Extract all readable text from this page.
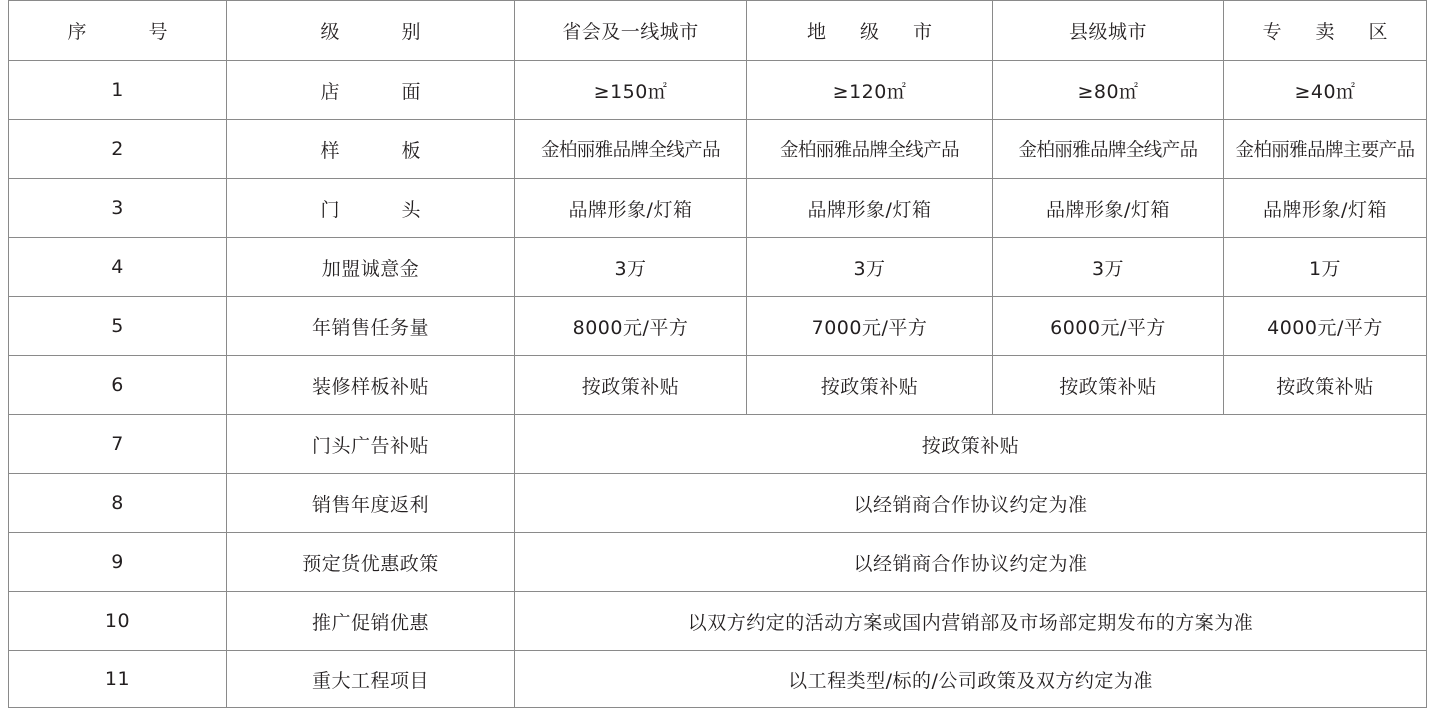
序 号	级 别	省会及一线城市	地 级 市	县级城市	专 卖 区
1	店 面	≥150㎡	≥120㎡	≥80㎡	≥40㎡
2	样 板	金柏丽雅品牌全线产品	金柏丽雅品牌全线产品	金柏丽雅品牌全线产品	金柏丽雅品牌主要产品
3	门 头	品牌形象/灯箱	品牌形象/灯箱	品牌形象/灯箱	品牌形象/灯箱
4	加盟诚意金	3万	3万	3万	1万
5	年销售任务量	8000元/平方	7000元/平方	6000元/平方	4000元/平方
6	装修样板补贴	按政策补贴	按政策补贴	按政策补贴	按政策补贴
7	门头广告补贴	按政策补贴			
8	销售年度返利	以经销商合作协议约定为准			
9	预定货优惠政策	以经销商合作协议约定为准			
10	推广促销优惠	以双方约定的活动方案或国内营销部及市场部定期发布的方案为准			
11	重大工程项目	以工程类型/标的/公司政策及双方约定为准			
